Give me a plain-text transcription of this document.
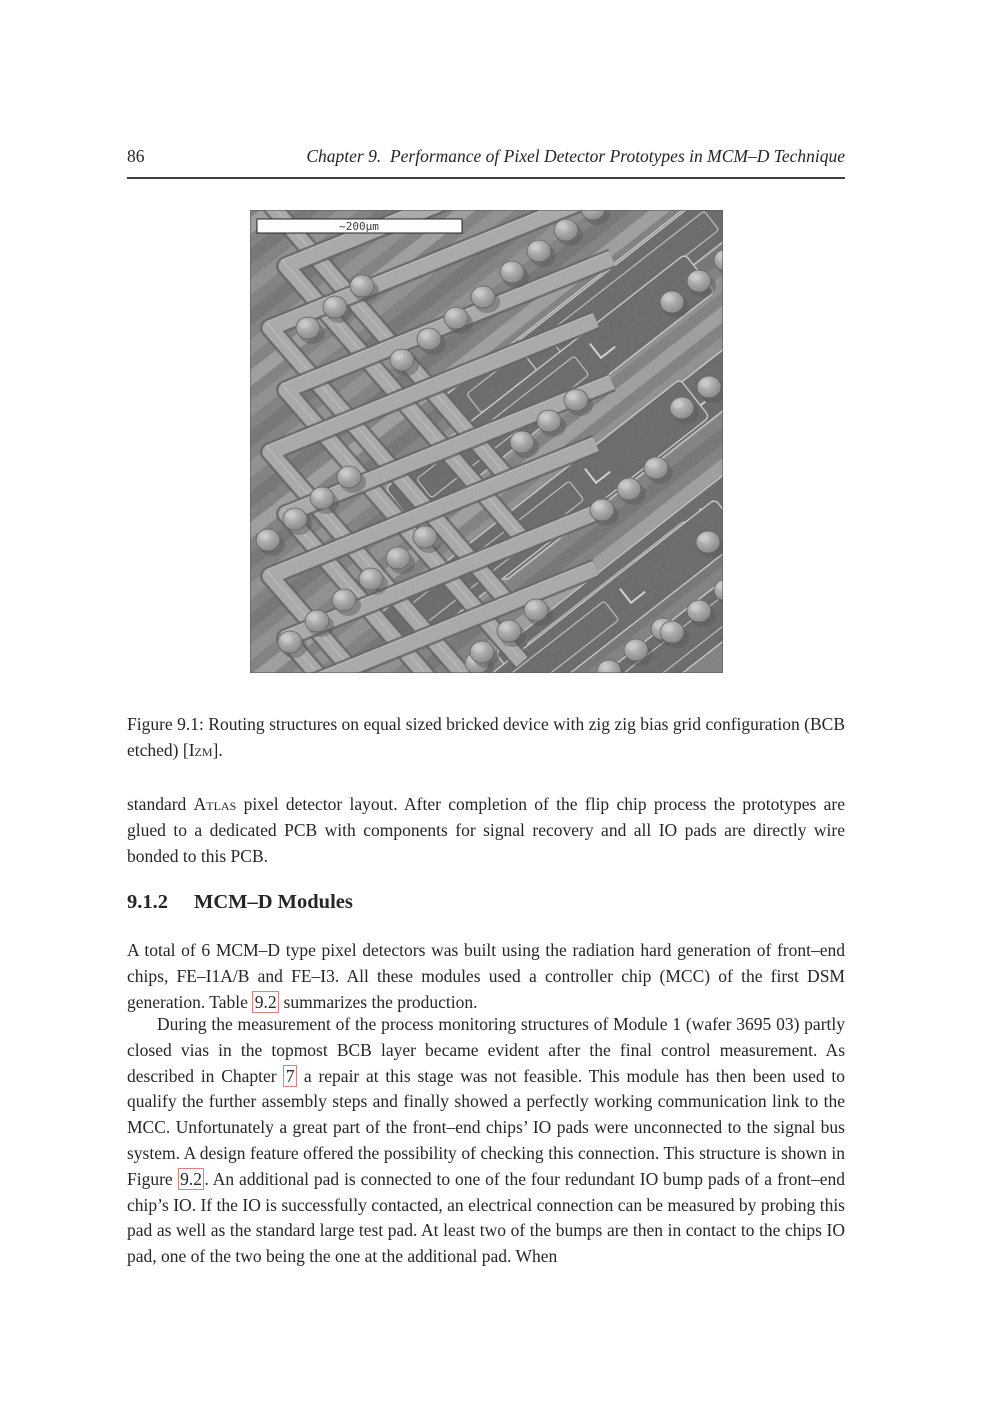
86	Chapter 9.  Performance of Pixel Detector Prototypes in MCM–D Technique
~200μm
Figure 9.1: Routing structures on equal sized bricked device with zig zig bias grid configuration (BCB etched) [Izm].
standard Atlas pixel detector layout. After completion of the flip chip process the prototypes are glued to a dedicated PCB with components for signal recovery and all IO pads are directly wire bonded to this PCB.
9.1.2 MCM–D Modules
A total of 6 MCM–D type pixel detectors was built using the radiation hard generation of front–end chips, FE–I1A/B and FE–I3. All these modules used a controller chip (MCC) of the first DSM generation. Table 9.2 summarizes the production.
During the measurement of the process monitoring structures of Module 1 (wafer 3695 03) partly closed vias in the topmost BCB layer became evident after the final control measurement. As described in Chapter 7 a repair at this stage was not feasible. This module has then been used to qualify the further assembly steps and finally showed a perfectly working communication link to the MCC. Unfortunately a great part of the front–end chips’ IO pads were unconnected to the signal bus system. A design feature offered the possibility of checking this connection. This structure is shown in Figure 9.2 . An additional pad is connected to one of the four redundant IO bump pads of a front–end chip’s IO. If the IO is successfully contacted, an electrical connection can be measured by probing this pad as well as the standard large test pad. At least two of the bumps are then in contact to the chips IO pad, one of the two being the one at the additional pad. When
